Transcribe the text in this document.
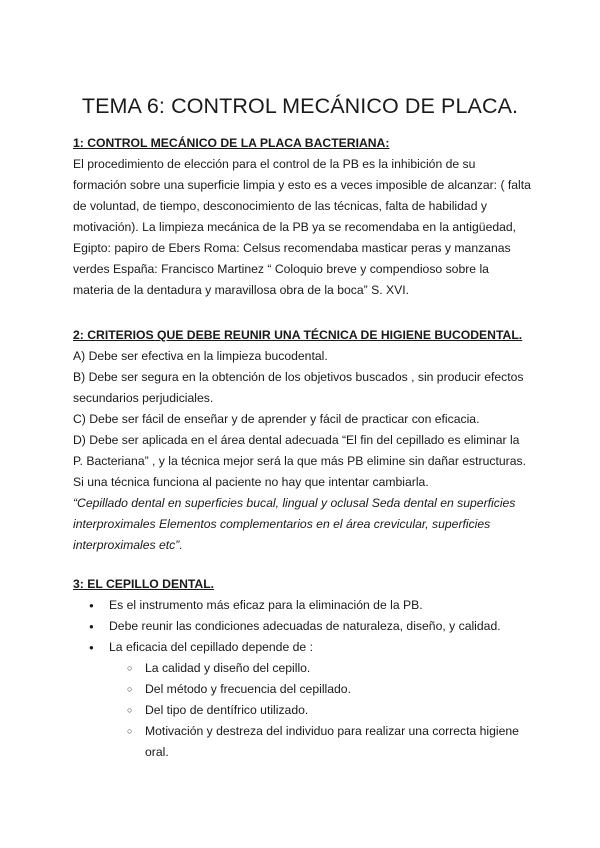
TEMA 6: CONTROL MECÁNICO DE PLACA.

1: CONTROL MECÁNICO DE LA PLACA BACTERIANA:

El procedimiento de elección para el control de la PB es la inhibición de su

formación sobre una superficie limpia y esto es a veces imposible de alcanzar: ( falta

de voluntad, de tiempo, desconocimiento de las técnicas, falta de habilidad y

motivación). La limpieza mecánica de la PB ya se recomendaba en la antigüedad,

Egipto: papiro de Ebers Roma: Celsus recomendaba masticar peras y manzanas

verdes España: Francisco Martinez “ Coloquio breve y compendioso sobre la

materia de la dentadura y maravillosa obra de la boca” S. XVI.

2: CRITERIOS QUE DEBE REUNIR UNA TÉCNICA DE HIGIENE BUCODENTAL.

A) Debe ser efectiva en la limpieza bucodental.

B) Debe ser segura en la obtención de los objetivos buscados , sin producir efectos

secundarios perjudiciales.

C) Debe ser fácil de enseñar y de aprender y fácil de practicar con eficacia.

D) Debe ser aplicada en el área dental adecuada “El fin del cepillado es eliminar la

P. Bacteriana” , y la técnica mejor será la que más PB elimine sin dañar estructuras.

Si una técnica funciona al paciente no hay que intentar cambiarla.

“Cepillado dental en superficies bucal, lingual y oclusal Seda dental en superficies

interproximales Elementos complementarios en el área crevicular, superficies

interproximales etc”.

3: EL CEPILLO DENTAL.

● Es el instrumento más eficaz para la eliminación de la PB.
● Debe reunir las condiciones adecuadas de naturaleza, diseño, y calidad.
● La eficacia del cepillado depende de :
○ La calidad y diseño del cepillo.
○ Del método y frecuencia del cepillado.
○ Del tipo de dentífrico utilizado.
○ Motivación y destreza del individuo para realizar una correcta higiene

oral.
